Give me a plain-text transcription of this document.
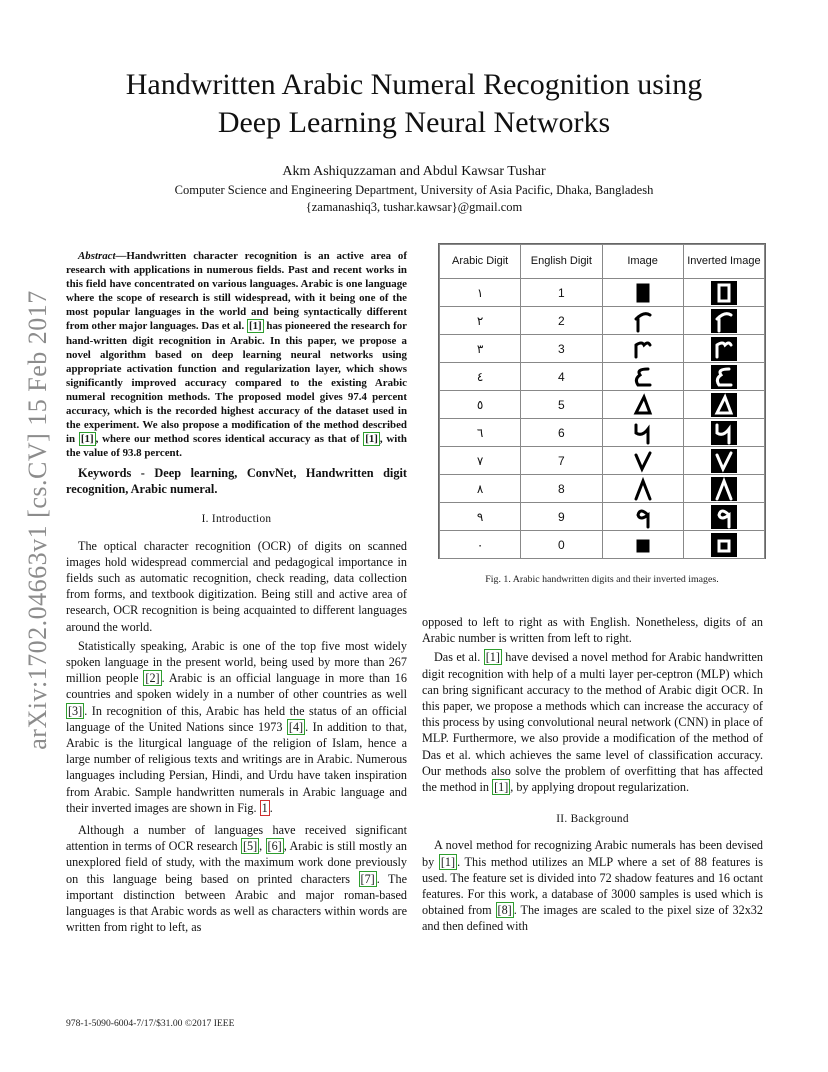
arXiv:1702.04663v1 [cs.CV] 15 Feb 2017
Handwritten Arabic Numeral Recognition using
Deep Learning Neural Networks
Akm Ashiquzzaman and Abdul Kawsar Tushar
Computer Science and Engineering Department, University of Asia Pacific, Dhaka, Bangladesh
{zamanashiq3, tushar.kawsar}@gmail.com
Abstract—Handwritten character recognition is an active area of research with applications in numerous fields. Past and recent works in this field have concentrated on various languages. Arabic is one language where the scope of research is still widespread, with it being one of the most popular languages in the world and being syntactically different from other major languages. Das et al. [1] has pioneered the research for hand-written digit recognition in Arabic. In this paper, we propose a novel algorithm based on deep learning neural networks using appropriate activation function and regularization layer, which shows significantly improved accuracy compared to the existing Arabic numeral recognition methods. The proposed model gives 97.4 percent accuracy, which is the recorded highest accuracy of the dataset used in the experiment. We also propose a modification of the method described in [1] , where our method scores identical accuracy as that of [1] , with the value of 93.8 percent.
Keywords - Deep learning, ConvNet, Handwritten digit recognition, Arabic numeral.
I. Introduction
The optical character recognition (OCR) of digits on scanned images hold widespread commercial and pedagogical importance in fields such as automatic recognition, check reading, data collection from forms, and textbook digitization. Being still and active area of research, OCR recognition is being acquainted to different languages around the world.
Statistically speaking, Arabic is one of the top five most widely spoken language in the present world, being used by more than 267 million people [2] . Arabic is an official language in more than 16 countries and spoken widely in a number of other countries as well [3] . In recognition of this, Arabic has held the status of an official language of the United Nations since 1973 [4] . In addition to that, Arabic is the liturgical language of the religion of Islam, hence a large number of religious texts and writings are in Arabic. Numerous languages including Persian, Hindi, and Urdu have taken inspiration from Arabic. Sample handwritten numerals in Arabic language and their inverted images are shown in Fig. 1 .
Although a number of languages have received significant attention in terms of OCR research [5] , [6] , Arabic is still mostly an unexplored field of study, with the maximum work done previously on this language being based on printed characters [7] . The important distinction between Arabic and major roman-based languages is that Arabic words as well as characters within words are written from right to left, as
Arabic Digit	English Digit	Image	Inverted Image
١	1		
٢	2		
٣	3		
٤	4		
٥	5		
٦	6		
٧	7		
٨	8		
٩	9		
٠	0		
Fig. 1. Arabic handwritten digits and their inverted images.
opposed to left to right as with English. Nonetheless, digits of an Arabic number is written from left to right.
Das et al. [1] have devised a novel method for Arabic handwritten digit recognition with help of a multi layer per-ceptron (MLP) which can bring significant accuracy to the method of Arabic digit OCR. In this paper, we propose a methods which can increase the accuracy of this process by using convolutional neural network (CNN) in place of MLP. Furthermore, we also provide a modification of the method of Das et al. which achieves the same level of classification accuracy. Our methods also solve the problem of overfitting that has affected the method in [1] , by applying dropout regularization.
II. Background
A novel method for recognizing Arabic numerals has been devised by [1] . This method utilizes an MLP where a set of 88 features is used. The feature set is divided into 72 shadow features and 16 octant features. For this work, a database of 3000 samples is used which is obtained from [8] . The images are scaled to the pixel size of 32x32 and then defined with
978-1-5090-6004-7/17/$31.00 ©2017 IEEE
